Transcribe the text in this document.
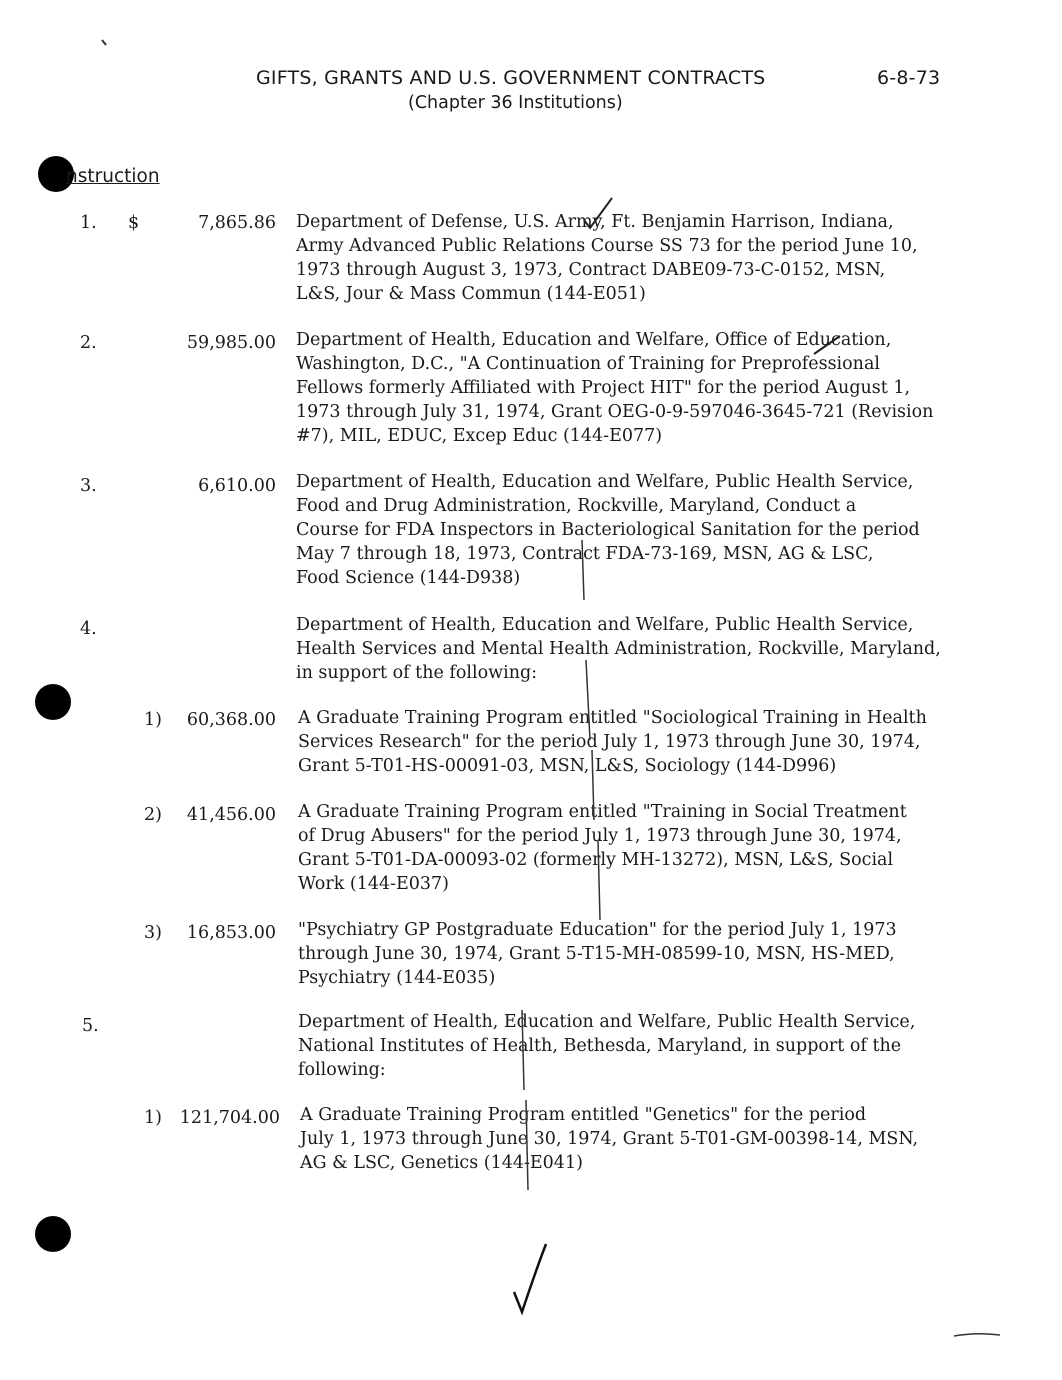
GIFTS, GRANTS AND U.S. GOVERNMENT CONTRACTS
(Chapter 36 Institutions)
6-8-73
nstruction
1. $	7,865.86 Department of Defense, U.S. Army, Ft. Benjamin Harrison, Indiana,
Army Advanced Public Relations Course SS 73 for the period June 10,
1973 through August 3, 1973, Contract DABE09-73-C-0152, MSN,
L&S, Jour & Mass Commun (144-E051)
2.	59,985.00 Department of Health, Education and Welfare, Office of Education,
Washington, D.C., "A Continuation of Training for Preprofessional
Fellows formerly Affiliated with Project HIT" for the period August 1,
1973 through July 31, 1974, Grant OEG-0-9-597046-3645-721 (Revision
#7), MIL, EDUC, Excep Educ (144-E077)
3.	6,610.00 Department of Health, Education and Welfare, Public Health Service,
Food and Drug Administration, Rockville, Maryland, Conduct a
Course for FDA Inspectors in Bacteriological Sanitation for the period
May 7 through 18, 1973, Contract FDA-73-169, MSN, AG & LSC,
Food Science (144-D938)
4.	Department of Health, Education and Welfare, Public Health Service,
Health Services and Mental Health Administration, Rockville, Maryland,
in support of the following:
1) 60,368.00 A Graduate Training Program entitled "Sociological Training in Health
Services Research" for the period July 1, 1973 through June 30, 1974,
Grant 5-T01-HS-00091-03, MSN, L&S, Sociology (144-D996)
2) 41,456.00 A Graduate Training Program entitled "Training in Social Treatment
of Drug Abusers" for the period July 1, 1973 through June 30, 1974,
Grant 5-T01-DA-00093-02 (formerly MH-13272), MSN, L&S, Social
Work (144-E037)
3) 16,853.00 "Psychiatry GP Postgraduate Education" for the period July 1, 1973
through June 30, 1974, Grant 5-T15-MH-08599-10, MSN, HS-MED,
Psychiatry (144-E035)
5.	Department of Health, Education and Welfare, Public Health Service,
National Institutes of Health, Bethesda, Maryland, in support of the
following:
1) 121,704.00 A Graduate Training Program entitled "Genetics" for the period
July 1, 1973 through June 30, 1974, Grant 5-T01-GM-00398-14, MSN,
AG & LSC, Genetics (144-E041)
